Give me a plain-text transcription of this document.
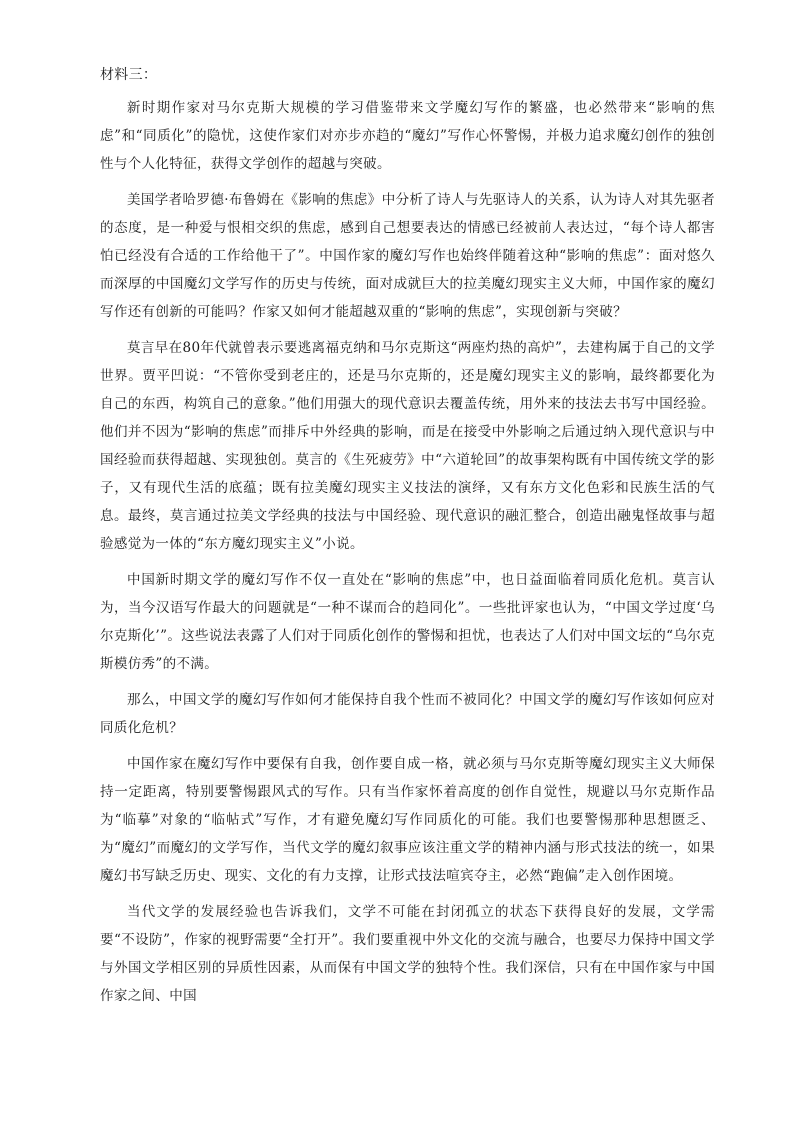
材料三：

新时期作家对马尔克斯大规模的学习借鉴带来文学魔幻写作的繁盛，也必然带来“影响的焦虑”和“同质化”的隐忧，这使作家们对亦步亦趋的“魔幻”写作心怀警惕，并极力追求魔幻创作的独创性与个人化特征，获得文学创作的超越与突破。

美国学者哈罗德·布鲁姆在《影响的焦虑》中分析了诗人与先驱诗人的关系，认为诗人对其先驱者的态度，是一种爱与恨相交织的焦虑，感到自己想要表达的情感已经被前人表达过，“每个诗人都害怕已经没有合适的工作给他干了”。中国作家的魔幻写作也始终伴随着这种“影响的焦虑”：面对悠久而深厚的中国魔幻文学写作的历史与传统，面对成就巨大的拉美魔幻现实主义大师，中国作家的魔幻写作还有创新的可能吗？作家又如何才能超越双重的“影响的焦虑”，实现创新与突破？

莫言早在80年代就曾表示要逃离福克纳和马尔克斯这“两座灼热的高炉”，去建构属于自己的文学世界。贾平凹说：“不管你受到老庄的，还是马尔克斯的，还是魔幻现实主义的影响，最终都要化为自己的东西，构筑自己的意象。”他们用强大的现代意识去覆盖传统，用外来的技法去书写中国经验。他们并不因为“影响的焦虑”而排斥中外经典的影响，而是在接受中外影响之后通过纳入现代意识与中国经验而获得超越、实现独创。莫言的《生死疲劳》中“六道轮回”的故事架构既有中国传统文学的影子，又有现代生活的底蕴；既有拉美魔幻现实主义技法的演绎，又有东方文化色彩和民族生活的气息。最终，莫言通过拉美文学经典的技法与中国经验、现代意识的融汇整合，创造出融鬼怪故事与超验感觉为一体的“东方魔幻现实主义”小说。

中国新时期文学的魔幻写作不仅一直处在“影响的焦虑”中，也日益面临着同质化危机。莫言认为，当今汉语写作最大的问题就是“一种不谋而合的趋同化”。一些批评家也认为，“中国文学过度‘乌尔克斯化’”。这些说法表露了人们对于同质化创作的警惕和担忧，也表达了人们对中国文坛的“乌尔克斯模仿秀”的不满。

那么，中国文学的魔幻写作如何才能保持自我个性而不被同化？中国文学的魔幻写作该如何应对同质化危机？

中国作家在魔幻写作中要保有自我，创作要自成一格，就必须与马尔克斯等魔幻现实主义大师保持一定距离，特别要警惕跟风式的写作。只有当作家怀着高度的创作自觉性，规避以马尔克斯作品为“临摹”对象的“临帖式”写作，才有避免魔幻写作同质化的可能。我们也要警惕那种思想匮乏、为“魔幻”而魔幻的文学写作，当代文学的魔幻叙事应该注重文学的精神内涵与形式技法的统一，如果魔幻书写缺乏历史、现实、文化的有力支撑，让形式技法喧宾夺主，必然“跑偏”走入创作困境。

当代文学的发展经验也告诉我们，文学不可能在封闭孤立的状态下获得良好的发展，文学需要“不设防”，作家的视野需要“全打开”。我们要重视中外文化的交流与融合，也要尽力保持中国文学与外国文学相区别的异质性因素，从而保有中国文学的独特个性。我们深信，只有在中国作家与中国作家之间、中国
